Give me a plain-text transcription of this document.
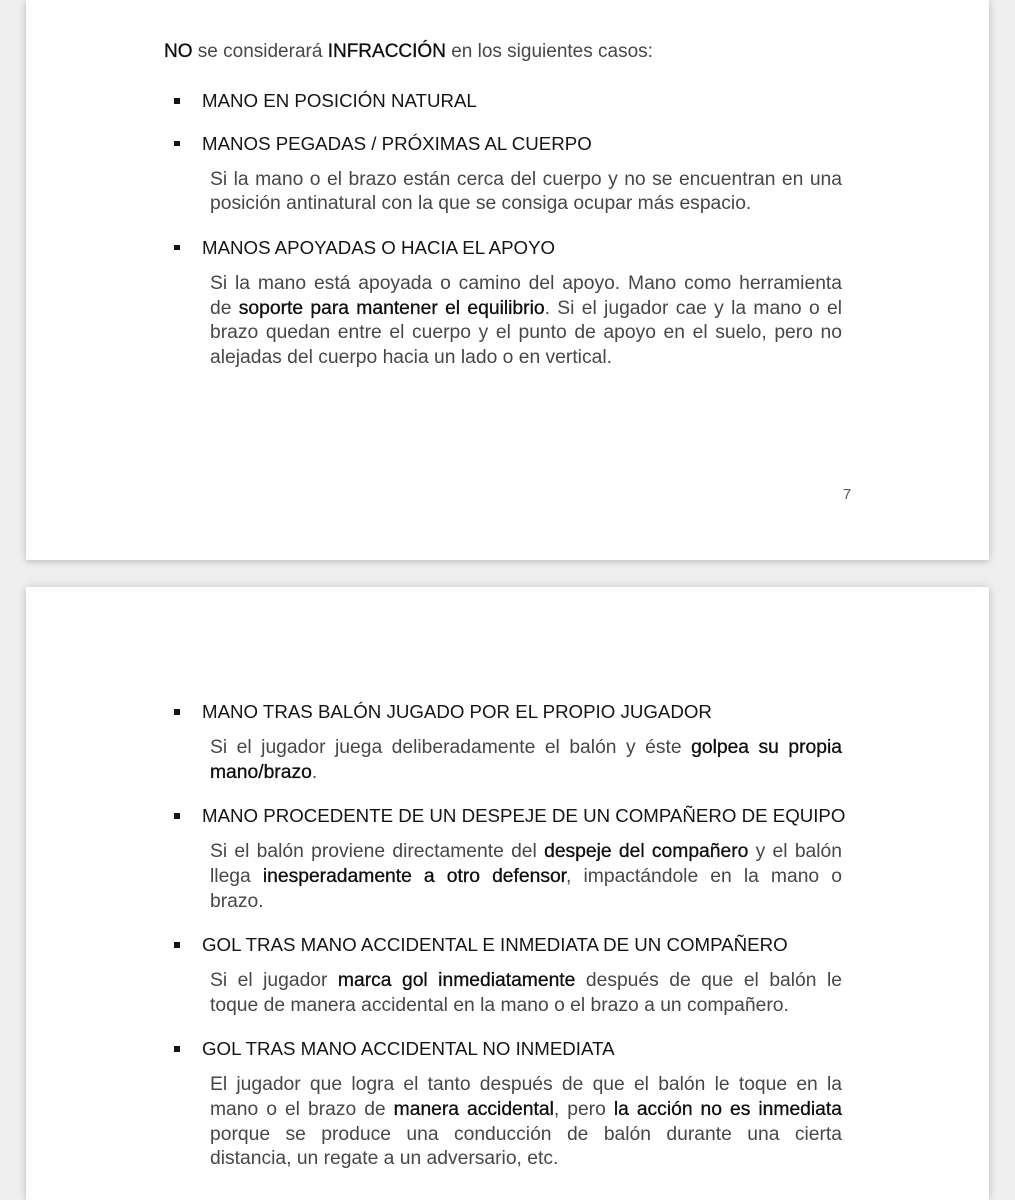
NO se considerará INFRACCIÓN en los siguientes casos:
MANO EN POSICIÓN NATURAL
MANOS PEGADAS / PRÓXIMAS AL CUERPO
Si la mano o el brazo están cerca del cuerpo y no se encuentran en una
posición antinatural con la que se consiga ocupar más espacio.
MANOS APOYADAS O HACIA EL APOYO
Si la mano está apoyada o camino del apoyo. Mano como herramienta
de soporte para mantener el equilibrio. Si el jugador cae y la mano o el
brazo quedan entre el cuerpo y el punto de apoyo en el suelo, pero no
alejadas del cuerpo hacia un lado o en vertical.
7
MANO TRAS BALÓN JUGADO POR EL PROPIO JUGADOR
Si el jugador juega deliberadamente el balón y éste golpea su propia
mano/brazo.
MANO PROCEDENTE DE UN DESPEJE DE UN COMPAÑERO DE EQUIPO
Si el balón proviene directamente del despeje del compañero y el balón
llega inesperadamente a otro defensor, impactándole en la mano o
brazo.
GOL TRAS MANO ACCIDENTAL E INMEDIATA DE UN COMPAÑERO
Si el jugador marca gol inmediatamente después de que el balón le
toque de manera accidental en la mano o el brazo a un compañero.
GOL TRAS MANO ACCIDENTAL NO INMEDIATA
El jugador que logra el tanto después de que el balón le toque en la
mano o el brazo de manera accidental, pero la acción no es inmediata
porque se produce una conducción de balón durante una cierta
distancia, un regate a un adversario, etc.
